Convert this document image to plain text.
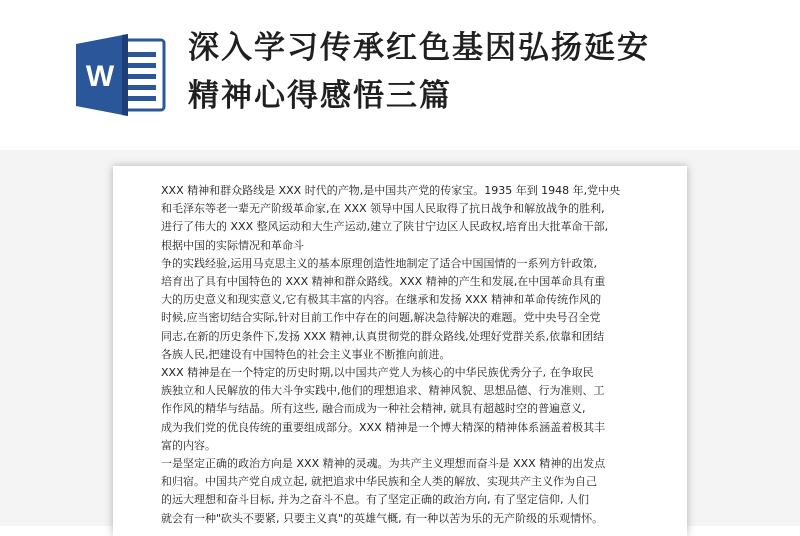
W
深入学习传承红色基因弘扬延安
精神心得感悟三篇

XXX 精神和群众路线是 XXX 时代的产物,是中国共产党的传家宝。1935 年到 1948 年,党中央

和毛泽东等老一辈无产阶级革命家,在 XXX 领导中国人民取得了抗日战争和解放战争的胜利,

进行了伟大的 XXX 整风运动和大生产运动,建立了陕甘宁边区人民政权,培育出大批革命干部,

根据中国的实际情况和革命斗

争的实践经验,运用马克思主义的基本原理创造性地制定了适合中国国情的一系列方针政策,

培育出了具有中国特色的 XXX 精神和群众路线。XXX 精神的产生和发展,在中国革命具有重

大的历史意义和现实意义,它有极其丰富的内容。在继承和发扬 XXX 精神和革命传统作风的

时候,应当密切结合实际,针对目前工作中存在的问题,解决急待解决的难题。党中央号召全党

同志,在新的历史条件下,发扬 XXX 精神,认真贯彻党的群众路线,处理好党群关系,依靠和团结

各族人民,把建设有中国特色的社会主义事业不断推向前进。

XXX 精神是在一个特定的历史时期,以中国共产党人为核心的中华民族优秀分子, 在争取民

族独立和人民解放的伟大斗争实践中,他们的理想追求、精神风貌、思想品德、行为准则、工

作作风的精华与结晶。所有这些, 融合而成为一种社会精神, 就具有超越时空的普遍意义,

成为我们党的优良传统的重要组成部分。XXX 精神是一个博大精深的精神体系涵盖着极其丰

富的内容。

一是坚定正确的政治方向是 XXX 精神的灵魂。为共产主义理想而奋斗是 XXX 精神的出发点

和归宿。中国共产党自成立起, 就把追求中华民族和全人类的解放、实现共产主义作为自己

的远大理想和奋斗目标, 并为之奋斗不息。有了坚定正确的政治方向, 有了坚定信仰, 人们

就会有一种"砍头不要紧, 只要主义真"的英雄气概, 有一种以苦为乐的无产阶级的乐观情怀。
